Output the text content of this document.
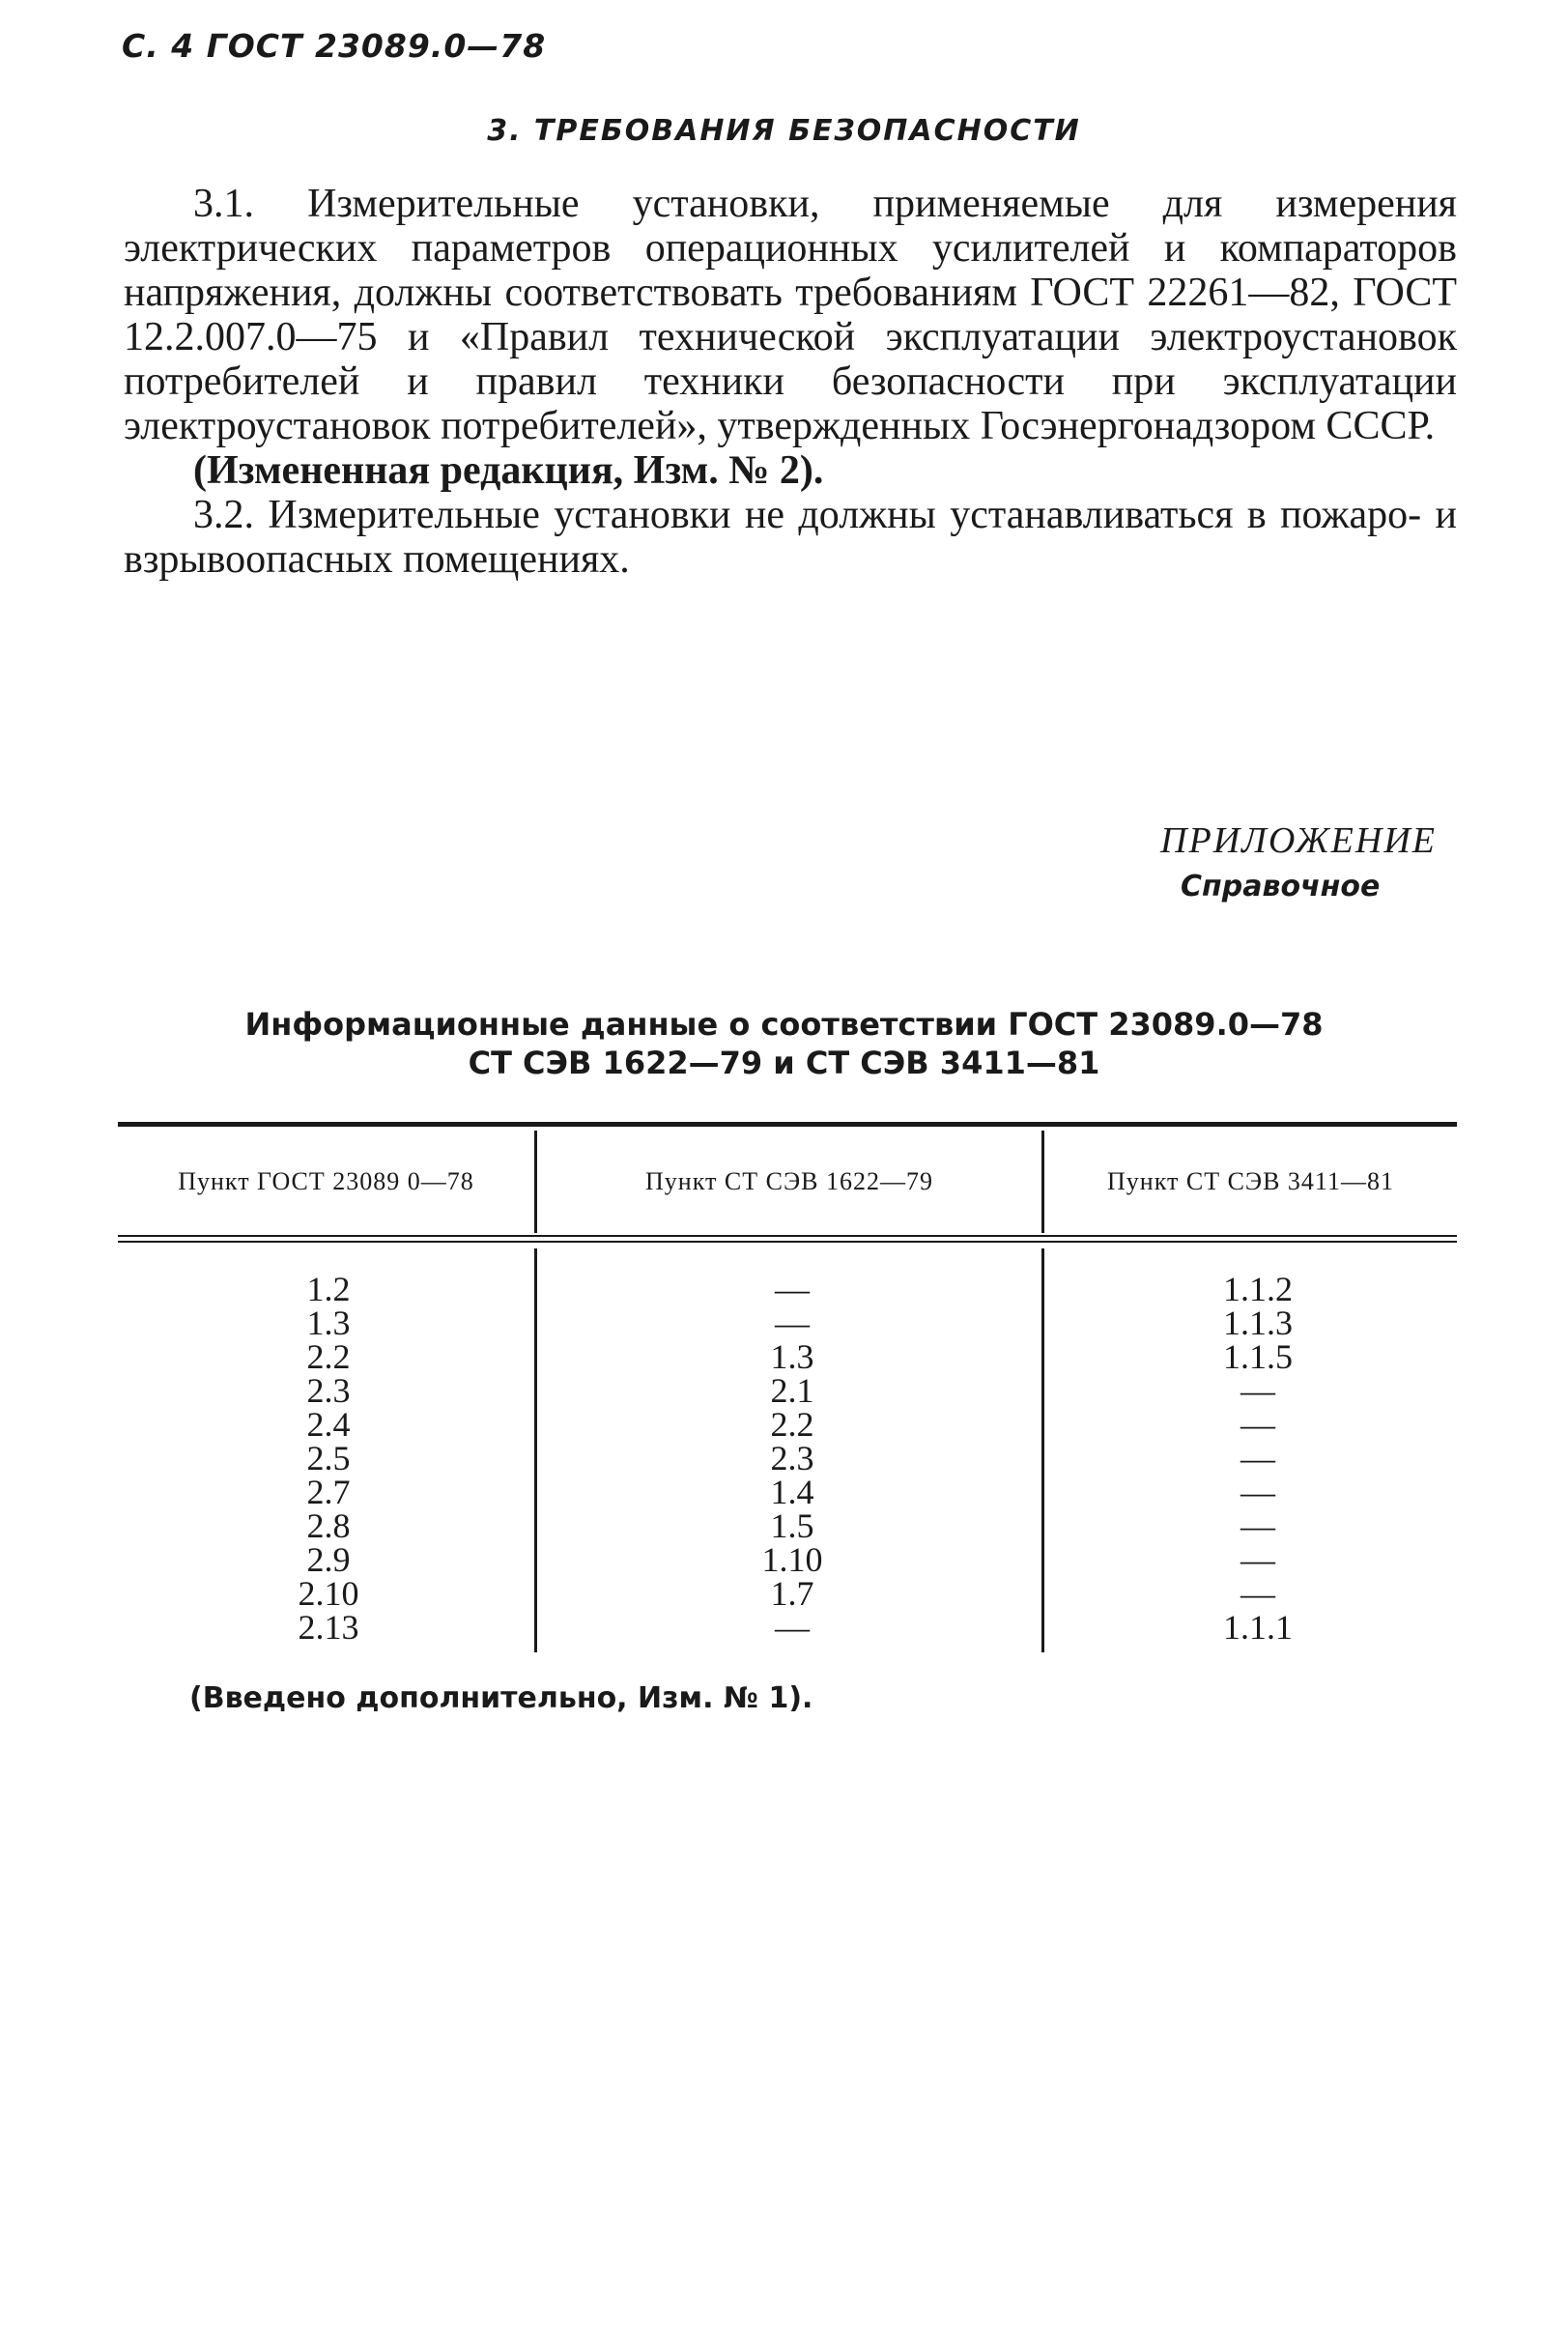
С. 4 ГОСТ 23089.0—78
3. ТРЕБОВАНИЯ БЕЗОПАСНОСТИ

3.1. Измерительные установки, применяемые для измерения электрических параметров операционных усилителей и компараторов напряжения, должны соответствовать требованиям ГОСТ 22261—82, ГОСТ 12.2.007.0—75 и «Правил технической эксплуатации электроустановок потребителей и правил техники безопасности при эксплуатации электроустановок потребителей», утвержденных Госэнергонадзором СССР.

(Измененная редакция, Изм. № 2).

3.2. Измерительные установки не должны устанавливаться в пожаро- и взрывоопасных помещениях.

ПРИЛОЖЕНИЕ
Справочное
Информационные данные о соответствии ГОСТ 23089.0—78
СТ СЭВ 1622—79 и СТ СЭВ 3411—81
Пункт ГОСТ 23089 0—78	Пункт СТ СЭВ 1622—79	Пункт СТ СЭВ 3411—81
1.2
1.3
2.2
2.3
2.4
2.5
2.7
2.8
2.9
2.10
2.13
—
—
1.3
2.1
2.2
2.3
1.4
1.5
1.10
1.7
—
1.1.2
1.1.3
1.1.5
—
—
—
—
—
—
—
1.1.1
(Введено дополнительно, Изм. № 1).
